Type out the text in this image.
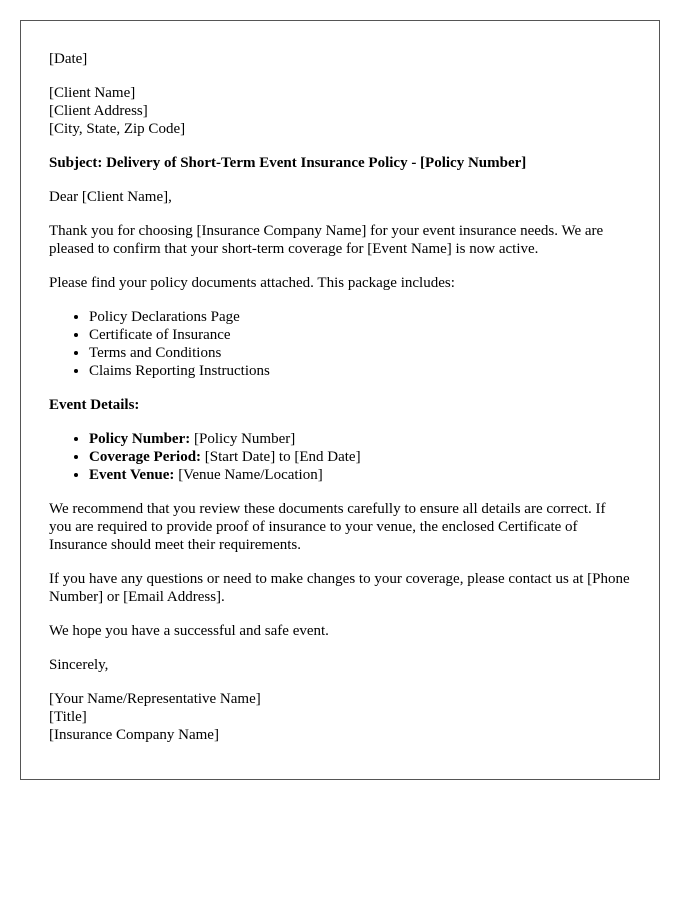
[Date]

[Client Name]
[Client Address]
[City, State, Zip Code]

Subject: Delivery of Short-Term Event Insurance Policy - [Policy Number]

Dear [Client Name],

Thank you for choosing [Insurance Company Name] for your event insurance needs. We are pleased to confirm that your short-term coverage for [Event Name] is now active.

Please find your policy documents attached. This package includes:

• Policy Declarations Page
• Certificate of Insurance
• Terms and Conditions
• Claims Reporting Instructions

Event Details:

• Policy Number: [Policy Number]
• Coverage Period: [Start Date] to [End Date]
• Event Venue: [Venue Name/Location]

We recommend that you review these documents carefully to ensure all details are correct. If you are required to provide proof of insurance to your venue, the enclosed Certificate of Insurance should meet their requirements.

If you have any questions or need to make changes to your coverage, please contact us at [Phone Number] or [Email Address].

We hope you have a successful and safe event.

Sincerely,

[Your Name/Representative Name]
[Title]
[Insurance Company Name]
